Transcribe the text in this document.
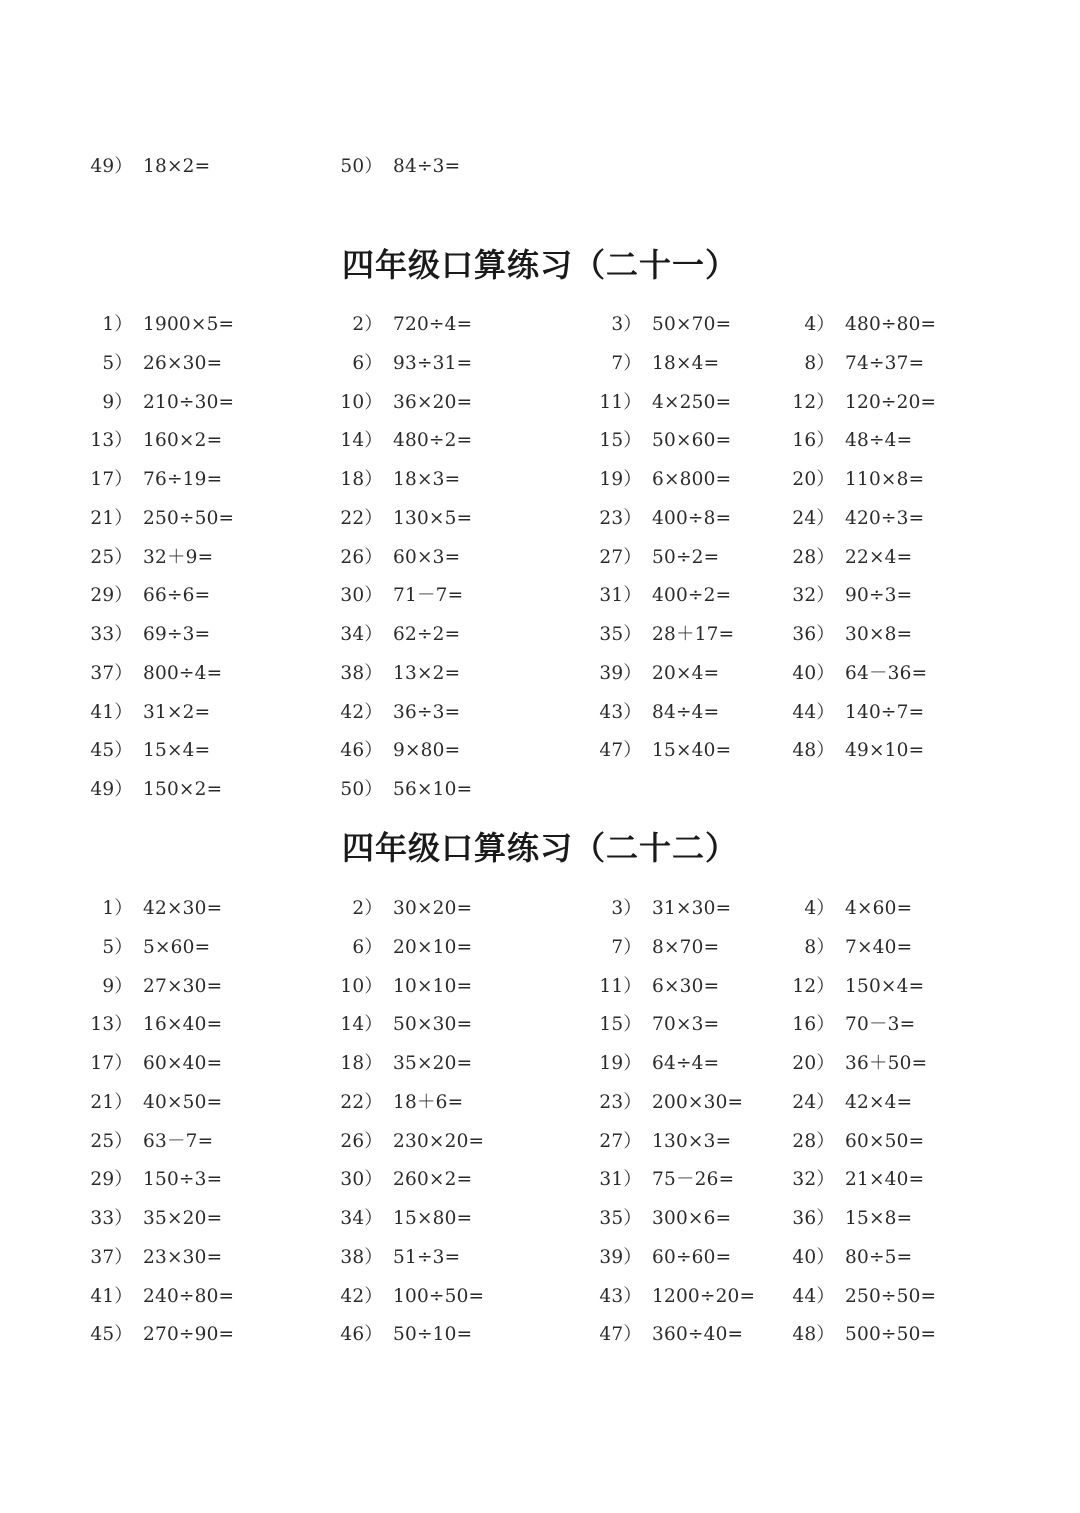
49） 18×2=	50） 84÷3=
四年级口算练习（二十一）
1） 1900×5=	2） 720÷4=	3） 50×70=	4） 480÷80=
5） 26×30=	6） 93÷31=	7） 18×4=	8） 74÷37=
9） 210÷30=	10） 36×20=	11） 4×250=	12） 120÷20=
13） 160×2=	14） 480÷2=	15） 50×60=	16） 48÷4=
17） 76÷19=	18） 18×3=	19） 6×800=	20） 110×8=
21） 250÷50=	22） 130×5=	23） 400÷8=	24） 420÷3=
25） 32＋9=	26） 60×3=	27） 50÷2=	28） 22×4=
29） 66÷6=	30） 71－7=	31） 400÷2=	32） 90÷3=
33） 69÷3=	34） 62÷2=	35） 28＋17=	36） 30×8=
37） 800÷4=	38） 13×2=	39） 20×4=	40） 64－36=
41） 31×2=	42） 36÷3=	43） 84÷4=	44） 140÷7=
45） 15×4=	46） 9×80=	47） 15×40=	48） 49×10=
49） 150×2=	50） 56×10=
四年级口算练习（二十二）
1） 42×30=	2） 30×20=	3） 31×30=	4） 4×60=
5） 5×60=	6） 20×10=	7） 8×70=	8） 7×40=
9） 27×30=	10） 10×10=	11） 6×30=	12） 150×4=
13） 16×40=	14） 50×30=	15） 70×3=	16） 70－3=
17） 60×40=	18） 35×20=	19） 64÷4=	20） 36＋50=
21） 40×50=	22） 18＋6=	23） 200×30=	24） 42×4=
25） 63－7=	26） 230×20=	27） 130×3=	28） 60×50=
29） 150÷3=	30） 260×2=	31） 75－26=	32） 21×40=
33） 35×20=	34） 15×80=	35） 300×6=	36） 15×8=
37） 23×30=	38） 51÷3=	39） 60÷60=	40） 80÷5=
41） 240÷80=	42） 100÷50=	43） 1200÷20=	44） 250÷50=
45） 270÷90=	46） 50÷10=	47） 360÷40=	48） 500÷50=
